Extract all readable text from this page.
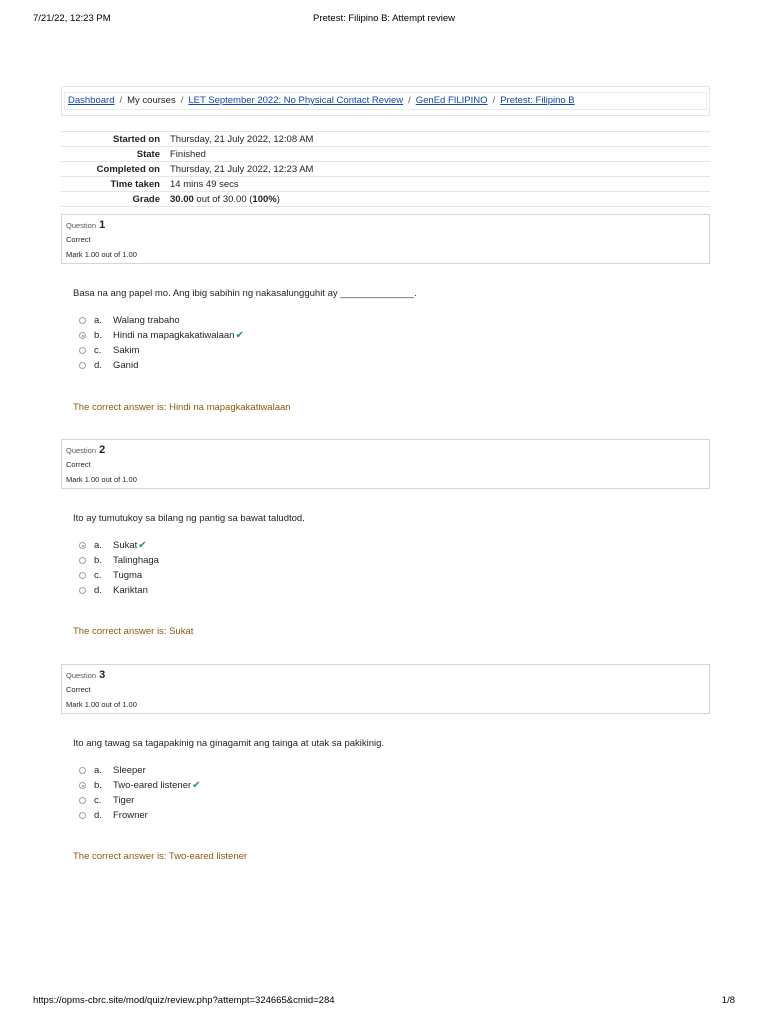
7/21/22, 12:23 PM	Pretest: Filipino B: Attempt review
Dashboard / My courses / LET September 2022: No Physical Contact Review / GenEd FILIPINO / Pretest: Filipino B
Started on	Thursday, 21 July 2022, 12:08 AM
State	Finished
Completed on	Thursday, 21 July 2022, 12:23 AM
Time taken	14 mins 49 secs
Grade	30.00 out of 30.00 (100%)
Question 1
Correct
Mark 1.00 out of 1.00
Basa na ang papel mo. Ang ibig sabihin ng nakasalungguhit ay ______________.
a. Walang trabaho
b. Hindi na mapagkakatiwalaan✔
c. Sakim
d. Ganid
The correct answer is: Hindi na mapagkakatiwalaan
Question 2
Correct
Mark 1.00 out of 1.00
Ito ay tumutukoy sa bilang ng pantig sa bawat taludtod.
a. Sukat✔
b. Talinghaga
c. Tugma
d. Kariktan
The correct answer is: Sukat
Question 3
Correct
Mark 1.00 out of 1.00
Ito ang tawag sa tagapakinig na ginagamit ang tainga at utak sa pakikinig.
a. Sleeper
b. Two-eared listener✔
c. Tiger
d. Frowner
The correct answer is: Two-eared listener
https://opms-cbrc.site/mod/quiz/review.php?attempt=324665&cmid=284	1/8
